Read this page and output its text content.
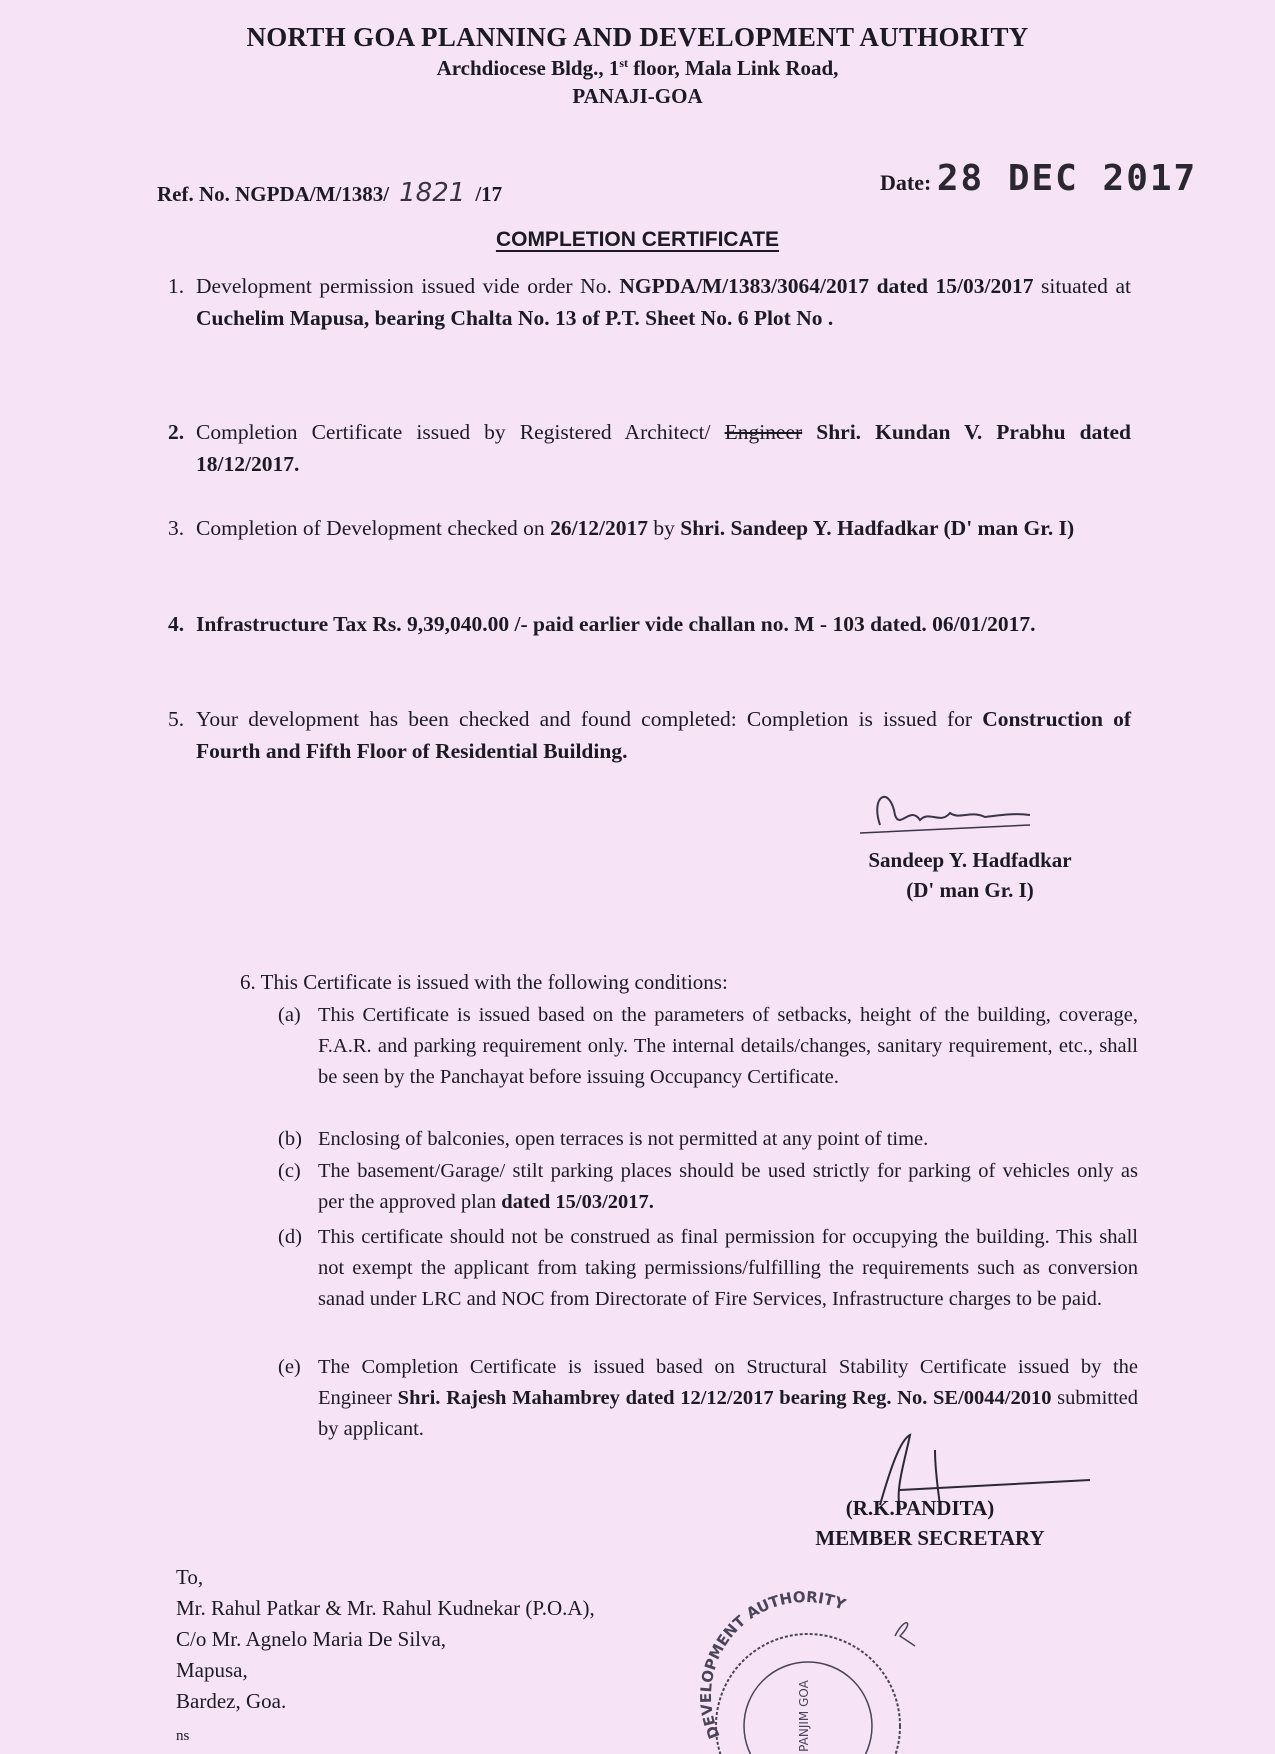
NORTH GOA PLANNING AND DEVELOPMENT AUTHORITY
Archdiocese Bldg., 1st floor, Mala Link Road,
PANAJI-GOA
Ref. No. NGPDA/M/1383/ 1821 /17	Date: 28 DEC 2017
COMPLETION CERTIFICATE
1. Development permission issued vide order No. NGPDA/M/1383/3064/2017 dated 15/03/2017 situated at Cuchelim Mapusa, bearing Chalta No. 13 of P.T. Sheet No. 6 Plot No .
2. Completion Certificate issued by Registered Architect/ Engineer Shri. Kundan V. Prabhu dated 18/12/2017.
3. Completion of Development checked on 26/12/2017 by Shri. Sandeep Y. Hadfadkar (D' man Gr. I)
4. Infrastructure Tax Rs. 9,39,040.00 /- paid earlier vide challan no. M - 103 dated. 06/01/2017.
5. Your development has been checked and found completed: Completion is issued for Construction of Fourth and Fifth Floor of Residential Building.
Sandeep Y. Hadfadkar
(D' man Gr. I)
6. This Certificate is issued with the following conditions:
(a) This Certificate is issued based on the parameters of setbacks, height of the building, coverage, F.A.R. and parking requirement only. The internal details/changes, sanitary requirement, etc., shall be seen by the Panchayat before issuing Occupancy Certificate.
(b) Enclosing of balconies, open terraces is not permitted at any point of time.
(c) The basement/Garage/ stilt parking places should be used strictly for parking of vehicles only as per the approved plan dated 15/03/2017.
(d) This certificate should not be construed as final permission for occupying the building. This shall not exempt the applicant from taking permissions/fulfilling the requirements such as conversion sanad under LRC and NOC from Directorate of Fire Services, Infrastructure charges to be paid.
(e) The Completion Certificate is issued based on Structural Stability Certificate issued by the Engineer Shri. Rajesh Mahambrey dated 12/12/2017 bearing Reg. No. SE/0044/2010 submitted by applicant.
(R.K.PANDITA)
MEMBER SECRETARY
To,
Mr. Rahul Patkar & Mr. Rahul Kudnekar (P.O.A),
C/o Mr. Agnelo Maria De Silva,
Mapusa,
Bardez, Goa.
ns	DEVELOPMENT AUTHORITY
PANJIM GOA
